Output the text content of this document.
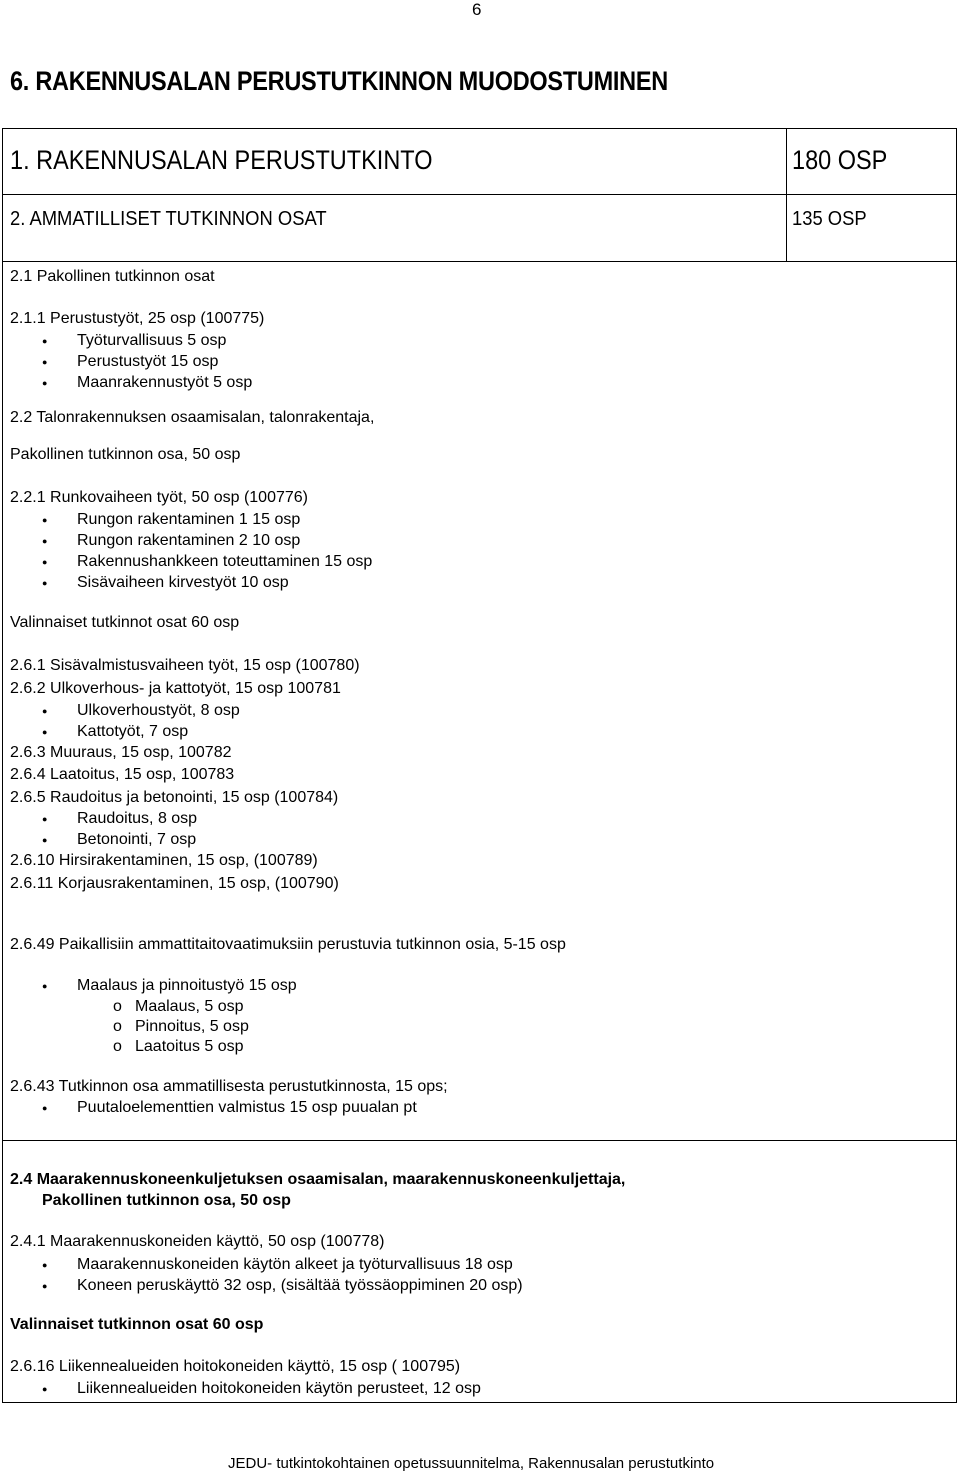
6
6. RAKENNUSALAN PERUSTUTKINNON MUODOSTUMINEN
1. RAKENNUSALAN PERUSTUTKINTO	180 OSP
2. AMMATILLISET TUTKINNON OSAT	135 OSP
2.1 Pakollinen tutkinnon osat
2.1.1 Perustustyöt, 25 osp (100775)
Työturvallisuus 5 osp
Perustustyöt 15 osp
Maanrakennustyöt 5 osp
2.2 Talonrakennuksen osaamisalan, talonrakentaja,
Pakollinen tutkinnon osa, 50 osp
2.2.1 Runkovaiheen työt, 50 osp (100776)
Rungon rakentaminen 1 15 osp
Rungon rakentaminen 2 10 osp
Rakennushankkeen toteuttaminen 15 osp
Sisävaiheen kirvestyöt 10 osp
Valinnaiset tutkinnot osat 60 osp
2.6.1 Sisävalmistusvaiheen työt, 15 osp (100780)
2.6.2 Ulkoverhous- ja kattotyöt, 15 osp 100781
Ulkoverhoustyöt, 8 osp
Kattotyöt, 7 osp
2.6.3 Muuraus, 15 osp, 100782
2.6.4 Laatoitus, 15 osp, 100783
2.6.5 Raudoitus ja betonointi, 15 osp (100784)
Raudoitus, 8 osp
Betonointi, 7 osp
2.6.10 Hirsirakentaminen, 15 osp, (100789)
2.6.11 Korjausrakentaminen, 15 osp, (100790)
2.6.49 Paikallisiin ammattitaitovaatimuksiin perustuvia tutkinnon osia, 5-15 osp
Maalaus ja pinnoitustyö 15 osp
o Maalaus, 5 osp
o Pinnoitus, 5 osp
o Laatoitus 5 osp
2.6.43 Tutkinnon osa ammatillisesta perustutkinnosta, 15 ops;
Puutaloelementtien valmistus 15 osp puualan pt
2.4 Maarakennuskoneenkuljetuksen osaamisalan, maarakennuskoneenkuljettaja,
Pakollinen tutkinnon osa, 50 osp
2.4.1 Maarakennuskoneiden käyttö, 50 osp (100778)
Maarakennuskoneiden käytön alkeet ja työturvallisuus 18 osp
Koneen peruskäyttö 32 osp, (sisältää työssäoppiminen 20 osp)
Valinnaiset tutkinnon osat 60 osp
2.6.16 Liikennealueiden hoitokoneiden käyttö, 15 osp ( 100795)
Liikennealueiden hoitokoneiden käytön perusteet, 12 osp
JEDU- tutkintokohtainen opetussuunnitelma, Rakennusalan perustutkinto
